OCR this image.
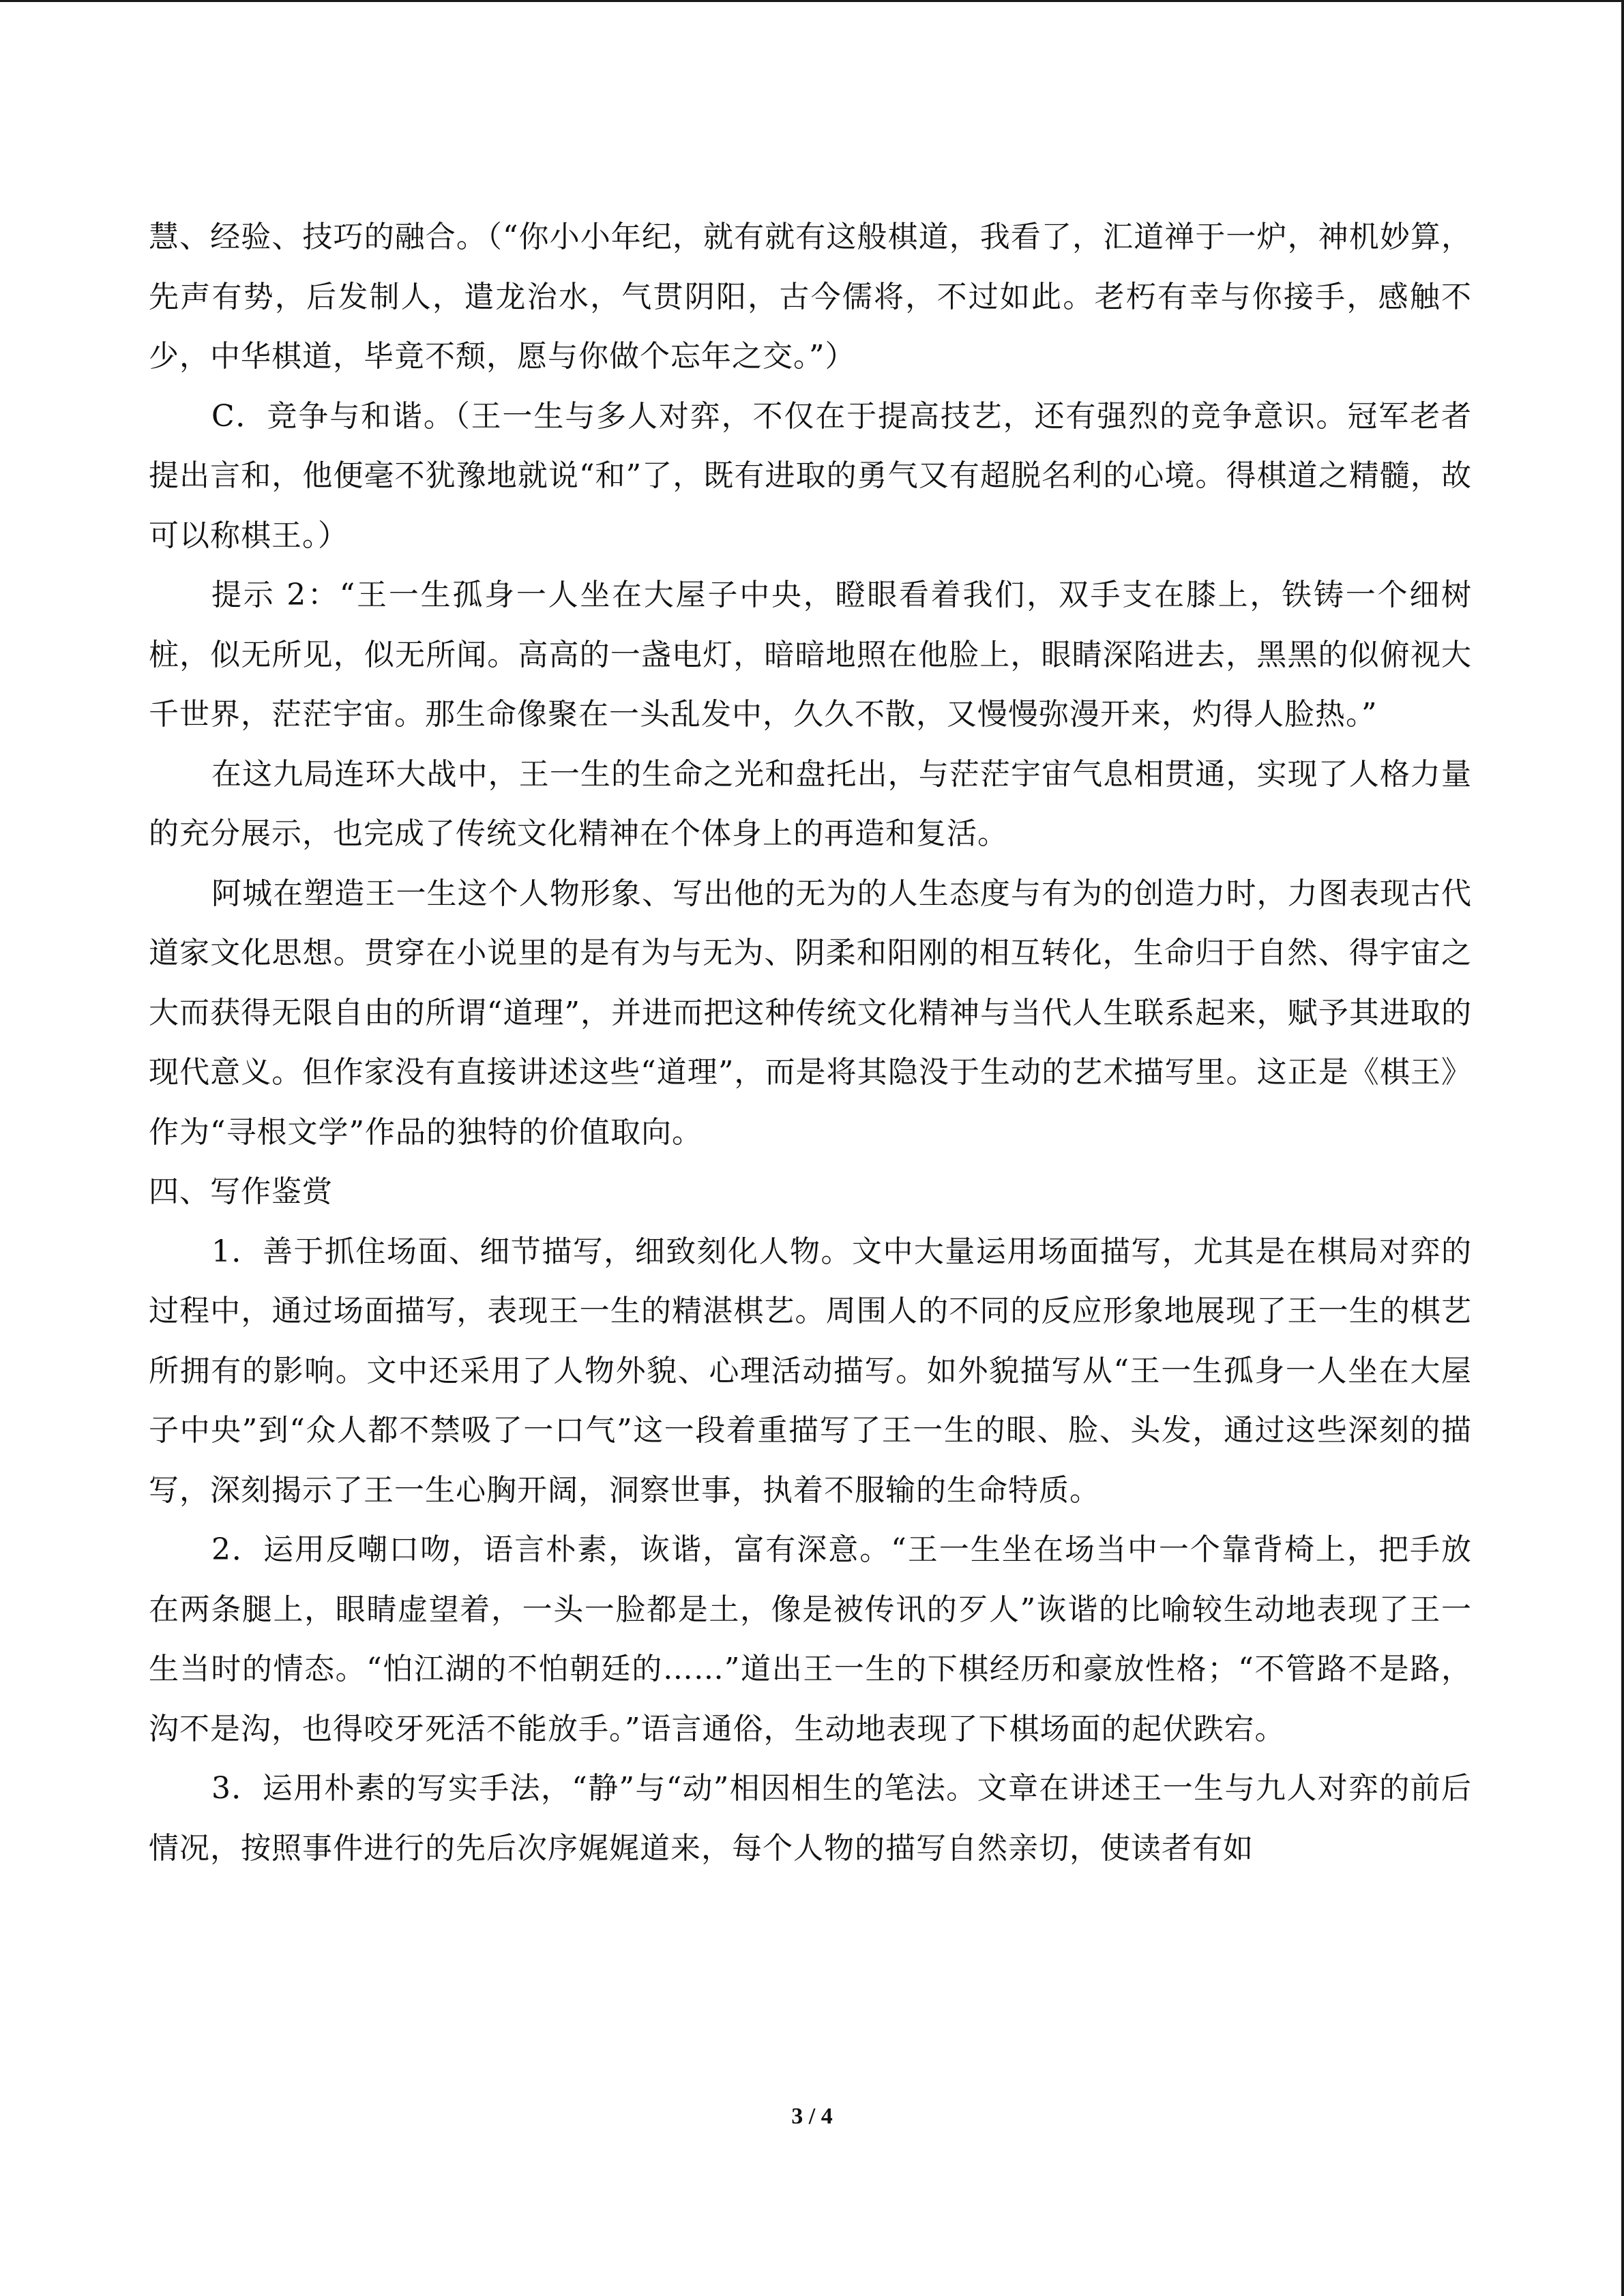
慧、经验、技巧的融合。（“你小小年纪，就有就有这般棋道，我看了，汇道禅于一炉，神机妙算，先声有势，后发制人，遣龙治水，气贯阴阳，古今儒将，不过如此。老朽有幸与你接手，感触不少，中华棋道，毕竟不颓，愿与你做个忘年之交。”）

C．竞争与和谐。（王一生与多人对弈，不仅在于提高技艺，还有强烈的竞争意识。冠军老者提出言和，他便毫不犹豫地就说“和”了，既有进取的勇气又有超脱名利的心境。得棋道之精髓，故可以称棋王。）

提示 2：“王一生孤身一人坐在大屋子中央，瞪眼看着我们，双手支在膝上，铁铸一个细树桩，似无所见，似无所闻。高高的一盏电灯，暗暗地照在他脸上，眼睛深陷进去，黑黑的似俯视大千世界，茫茫宇宙。那生命像聚在一头乱发中，久久不散，又慢慢弥漫开来，灼得人脸热。”

在这九局连环大战中，王一生的生命之光和盘托出，与茫茫宇宙气息相贯通，实现了人格力量的充分展示，也完成了传统文化精神在个体身上的再造和复活。

阿城在塑造王一生这个人物形象、写出他的无为的人生态度与有为的创造力时，力图表现古代道家文化思想。贯穿在小说里的是有为与无为、阴柔和阳刚的相互转化，生命归于自然、得宇宙之大而获得无限自由的所谓“道理”，并进而把这种传统文化精神与当代人生联系起来，赋予其进取的现代意义。但作家没有直接讲述这些“道理”，而是将其隐没于生动的艺术描写里。这正是《棋王》作为“寻根文学”作品的独特的价值取向。

四、写作鉴赏

1．善于抓住场面、细节描写，细致刻化人物。文中大量运用场面描写，尤其是在棋局对弈的过程中，通过场面描写，表现王一生的精湛棋艺。周围人的不同的反应形象地展现了王一生的棋艺所拥有的影响。文中还采用了人物外貌、心理活动描写。如外貌描写从“王一生孤身一人坐在大屋子中央”到“众人都不禁吸了一口气”这一段着重描写了王一生的眼、脸、头发，通过这些深刻的描写，深刻揭示了王一生心胸开阔，洞察世事，执着不服输的生命特质。

2．运用反嘲口吻，语言朴素，诙谐，富有深意。“王一生坐在场当中一个靠背椅上，把手放在两条腿上，眼睛虚望着，一头一脸都是土，像是被传讯的歹人”诙谐的比喻较生动地表现了王一生当时的情态。“怕江湖的不怕朝廷的……”道出王一生的下棋经历和豪放性格；“不管路不是路，沟不是沟，也得咬牙死活不能放手。”语言通俗，生动地表现了下棋场面的起伏跌宕。

3．运用朴素的写实手法，“静”与“动”相因相生的笔法。文章在讲述王一生与九人对弈的前后情况，按照事件进行的先后次序娓娓道来，每个人物的描写自然亲切，使读者有如

3 / 4
